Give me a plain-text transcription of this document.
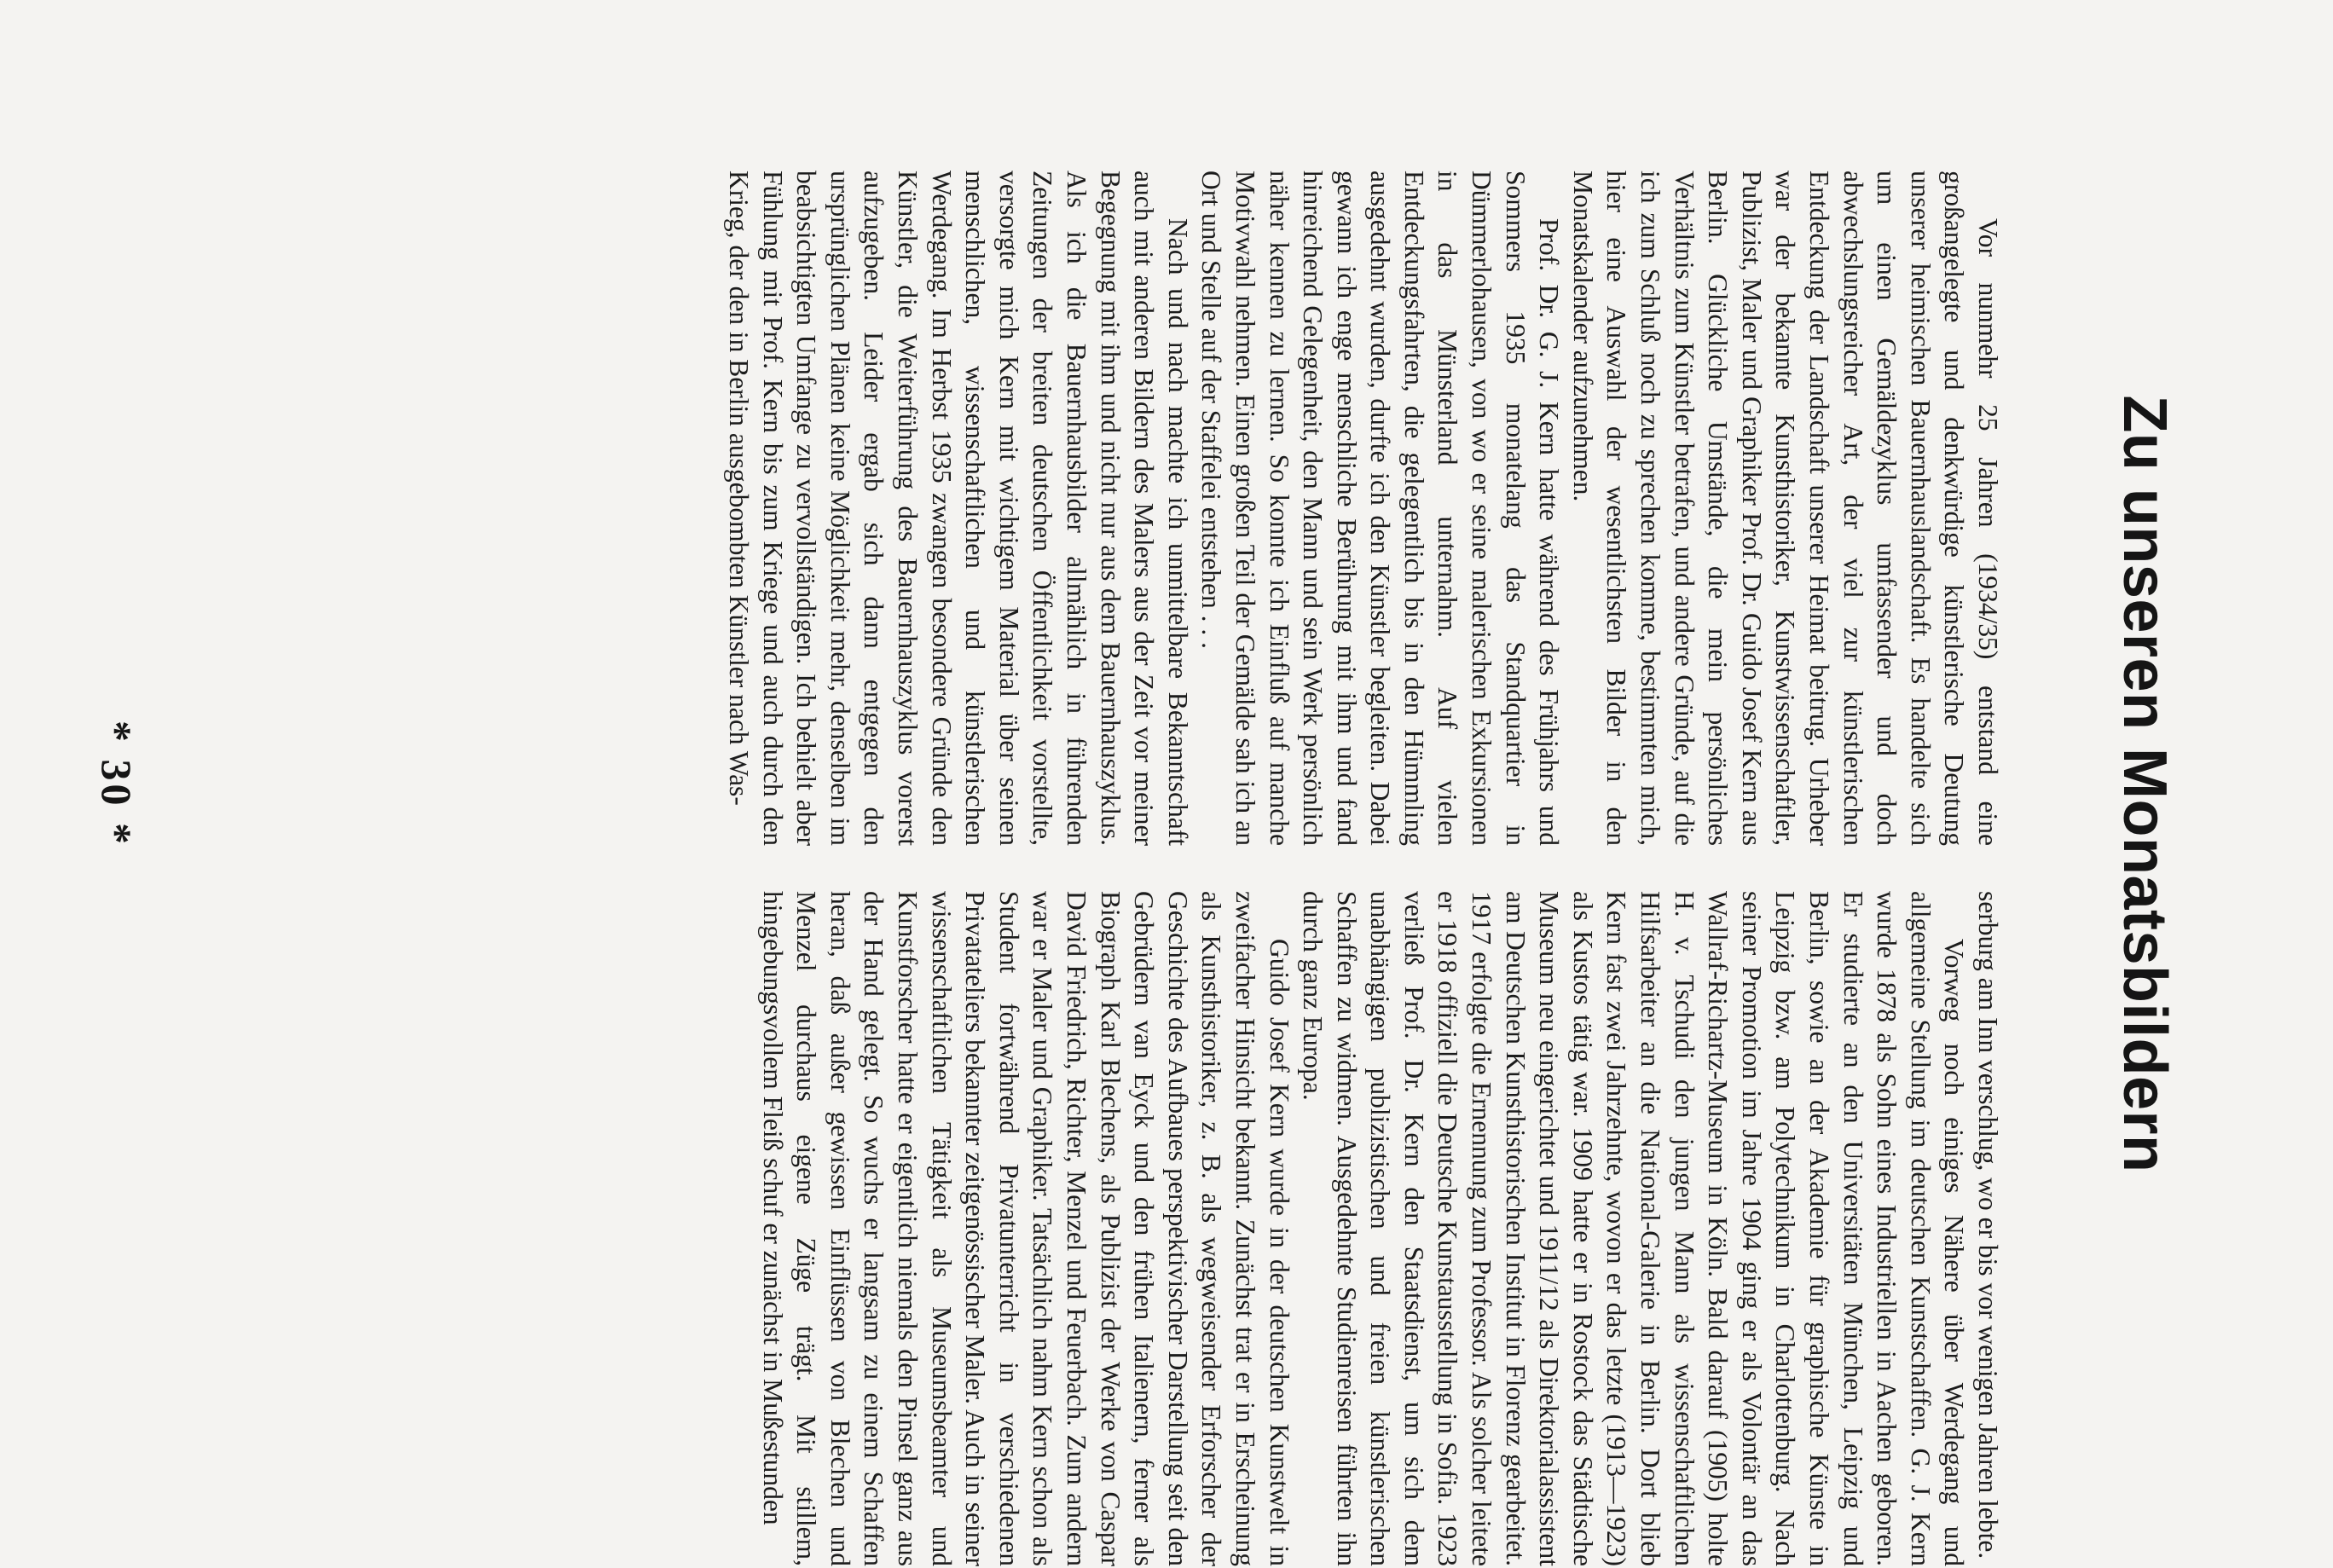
Zu unseren Monatsbildern

Vor nunmehr 25 Jahren (1934/35) entstand eine großangelegte und denkwürdige künstlerische Deutung unserer heimischen Bauernhauslandschaft. Es handelte sich um einen Gemäldezyklus umfassender und doch abwechslungsreicher Art, der viel zur künstlerischen Entdeckung der Landschaft unserer Heimat beitrug. Urheber war der bekannte Kunsthistoriker, Kunstwissenschaftler, Publizist, Maler und Graphiker Prof. Dr. Guido Josef Kern aus Berlin. Glückliche Umstände, die mein persönliches Verhältnis zum Künstler betrafen, und andere Gründe, auf die ich zum Schluß noch zu sprechen komme, bestimmten mich, hier eine Auswahl der wesentlichsten Bilder in den Monatskalender aufzunehmen.

Prof. Dr. G. J. Kern hatte während des Frühjahrs und Sommers 1935 monatelang das Standquartier in Dümmerlohausen, von wo er seine malerischen Exkursionen in das Münsterland unternahm. Auf vielen Entdeckungsfahrten, die gelegentlich bis in den Hümmling ausgedehnt wurden, durfte ich den Künstler begleiten. Dabei gewann ich enge menschliche Berührung mit ihm und fand hinreichend Gelegenheit, den Mann und sein Werk persönlich näher kennen zu lernen. So konnte ich Einfluß auf manche Motivwahl nehmen. Einen großen Teil der Gemälde sah ich an Ort und Stelle auf der Staffelei entstehen . . .

Nach und nach machte ich unmittelbare Bekanntschaft auch mit anderen Bildern des Malers aus der Zeit vor meiner Begegnung mit ihm und nicht nur aus dem Bauernhauszyklus. Als ich die Bauernhausbilder allmählich in führenden Zeitungen der breiten deutschen Öffentlichkeit vorstellte, versorgte mich Kern mit wichtigem Material über seinen menschlichen, wissenschaftlichen und künstlerischen Werdegang. Im Herbst 1935 zwangen besondere Gründe den Künstler, die Weiterführung des Bauernhauszyklus vorerst aufzugeben. Leider ergab sich dann entgegen den ursprünglichen Plänen keine Möglichkeit mehr, denselben im beabsichtigten Umfange zu vervollständigen. Ich behielt aber Fühlung mit Prof. Kern bis zum Kriege und auch durch den Krieg, der den in Berlin ausgebombten Künstler nach Was-

serburg am Inn verschlug, wo er bis vor wenigen Jahren lebte.

Vorweg noch einiges Nähere über Werdegang und allgemeine Stellung im deutschen Kunstschaffen. G. J. Kern wurde 1878 als Sohn eines Industriellen in Aachen geboren. Er studierte an den Universitäten München, Leipzig und Berlin, sowie an der Akademie für graphische Künste in Leipzig bzw. am Polytechnikum in Charlottenburg. Nach seiner Promotion im Jahre 1904 ging er als Volontär an das Wallraf-Richartz-Museum in Köln. Bald darauf (1905) holte H. v. Tschudi den jungen Mann als wissenschaftlichen Hilfsarbeiter an die National-Galerie in Berlin. Dort blieb Kern fast zwei Jahrzehnte, wovon er das letzte (1913—1923) als Kustos tätig war. 1909 hatte er in Rostock das Städtische Museum neu eingerichtet und 1911/12 als Direktorialassistent am Deutschen Kunsthistorischen Institut in Florenz gearbeitet. 1917 erfolgte die Ernennung zum Professor. Als solcher leitete er 1918 offiziell die Deutsche Kunstausstellung in Sofia. 1923 verließ Prof. Dr. Kern den Staatsdienst, um sich dem unabhängigen publizistischen und freien künstlerischen Schaffen zu widmen. Ausgedehnte Studienreisen führten ihn durch ganz Europa.

Guido Josef Kern wurde in der deutschen Kunstwelt in zweifacher Hinsicht bekannt. Zunächst trat er in Erscheinung als Kunsthistoriker, z. B. als wegweisender Erforscher der Geschichte des Aufbaues perspektivischer Darstellung seit den Gebrüdern van Eyck und den frühen Italienern, ferner als Biograph Karl Blechens, als Publizist der Werke von Caspar David Friedrich, Richter, Menzel und Feuerbach. Zum andern war er Maler und Graphiker. Tatsächlich nahm Kern schon als Student fortwährend Privatunterricht in verschiedenen Privatateliers bekannter zeitgenössischer Maler. Auch in seiner wissenschaftlichen Tätigkeit als Museumsbeamter und Kunstforscher hatte er eigentlich niemals den Pinsel ganz aus der Hand gelegt. So wuchs er langsam zu einem Schaffen heran, daß außer gewissen Einflüssen von Blechen und Menzel durchaus eigene Züge trägt. Mit stillem, hingebungsvollem Fleiß schuf er zunächst in Mußestunden

* 30 *
